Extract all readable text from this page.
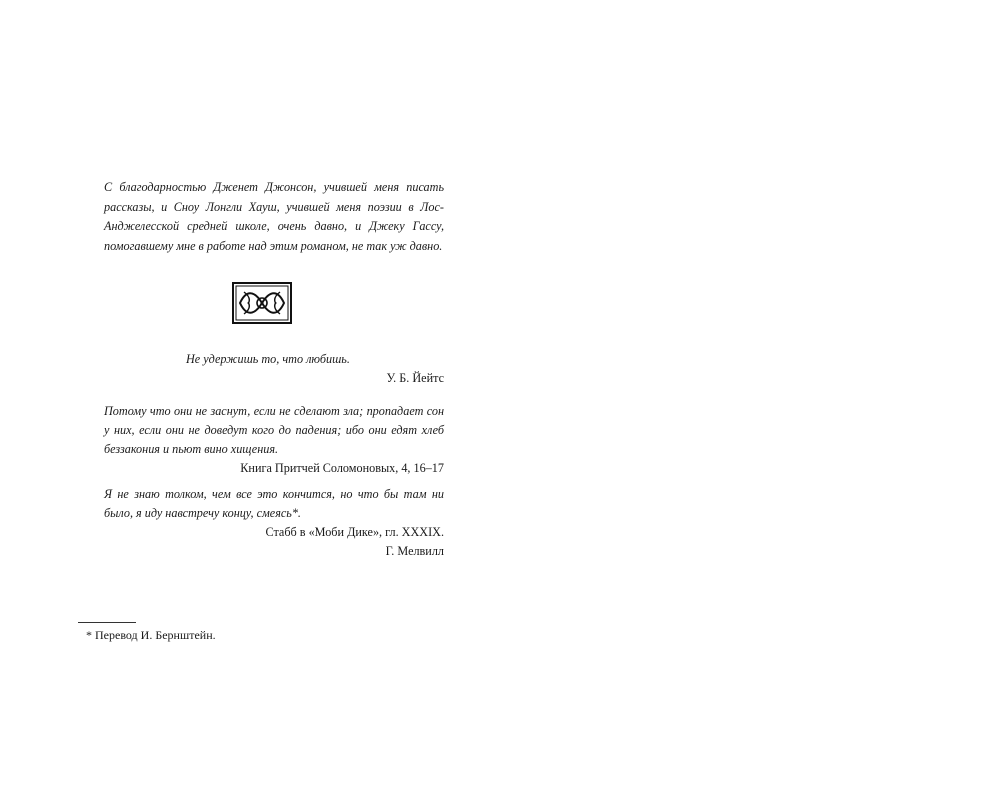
С благодарностью Дженет Джонсон, учившей меня писать рассказы, и Сноу Лонгли Хауш, учившей меня поэзии в Лос-Анджелесской средней школе, очень давно, и Джеку Гассу, помогавшему мне в работе над этим романом, не так уж давно.
Не удержишь то, что любишь.
У. Б. Йейтс
Потому что они не заснут, если не сделают зла; пропадает сон у них, если они не доведут кого до падения; ибо они едят хлеб беззакония и пьют вино хищения.
Книга Притчей Соломоновых, 4, 16–17
Я не знаю толком, чем все это кончится, но что бы там ни было, я иду навстречу концу, смеясь*.
Стабб в «Моби Дике», гл. XXXIX.
Г. Мелвилл
* Перевод И. Бернштейн.
